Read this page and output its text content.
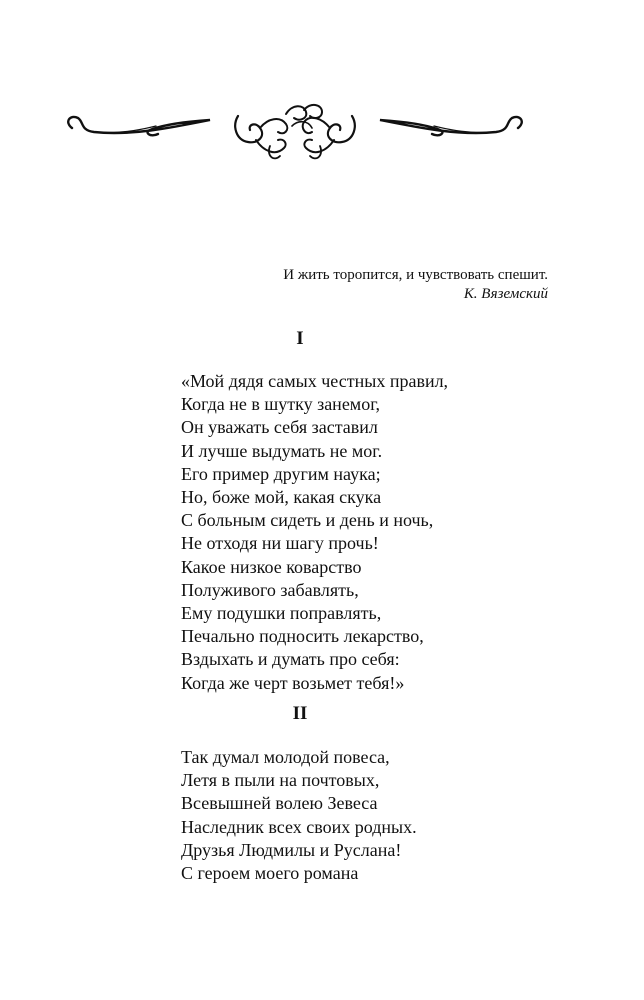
И жить торопится, и чувствовать спешит.
К. Вяземский
I
«Мой дядя самых честных правил,
Когда не в шутку занемог,
Он уважать себя заставил
И лучше выдумать не мог.
Его пример другим наука;
Но, боже мой, какая скука
С больным сидеть и день и ночь,
Не отходя ни шагу прочь!
Какое низкое коварство
Полуживого забавлять,
Ему подушки поправлять,
Печально подносить лекарство,
Вздыхать и думать про себя:
Когда же черт возьмет тебя!»
II
Так думал молодой повеса,
Летя в пыли на почтовых,
Всевышней волею Зевеса
Наследник всех своих родных.
Друзья Людмилы и Руслана!
С героем моего романа
